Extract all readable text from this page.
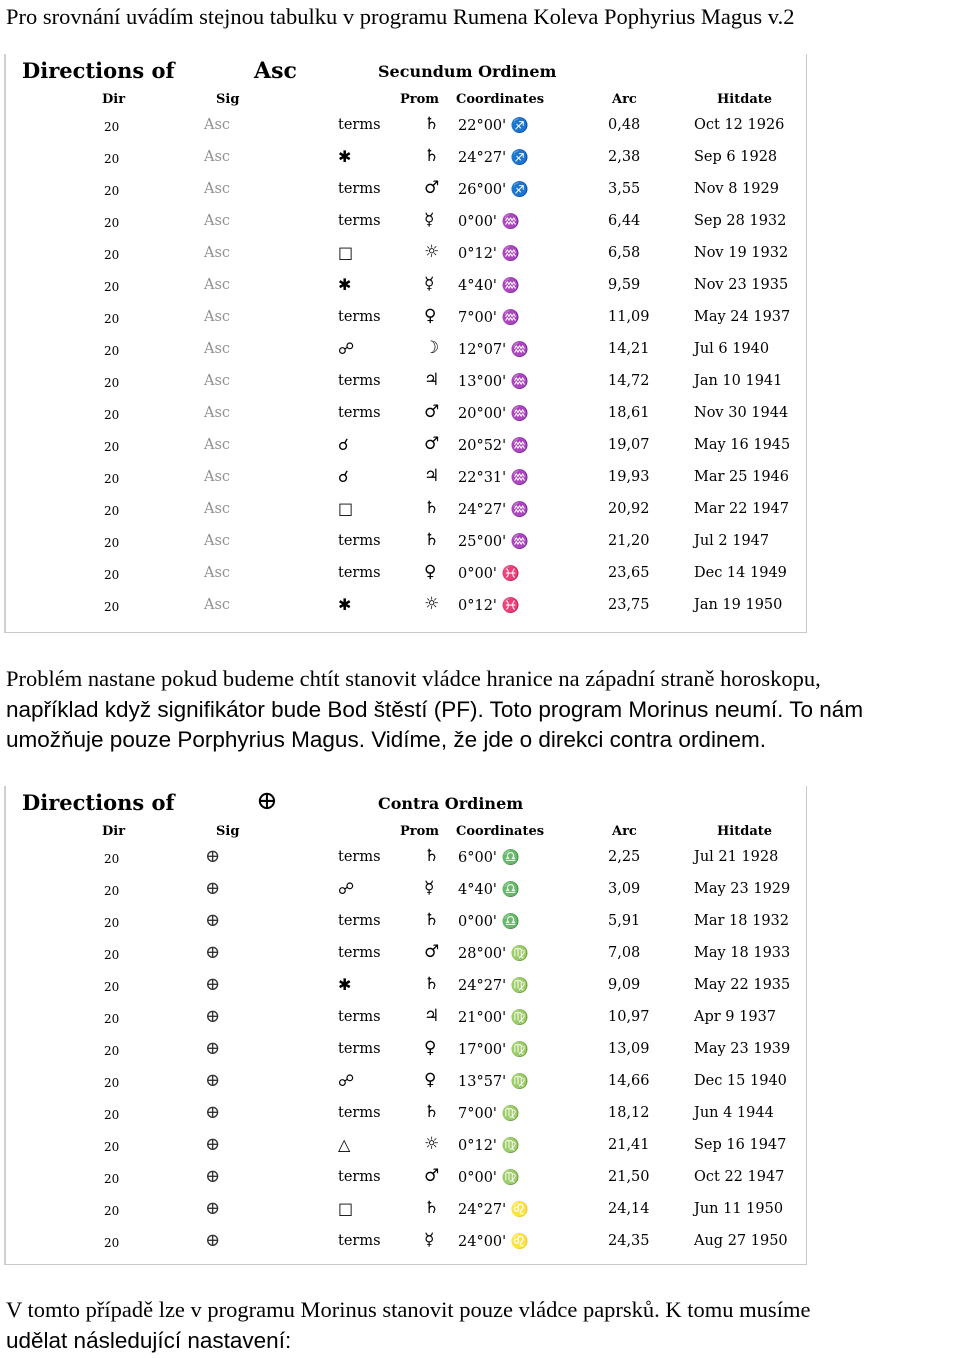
Pro srovnání uvádím stejnou tabulku v programu Rumena Koleva Pophyrius Magus v.2

Directions of	Asc	Secundum Ordinem
Dir	Sig	Prom Coordinates	Arc	Hitdate
20	Asc	terms	♄ 22°00' ♐	0,48	Oct 12 1926
20	Asc	✱	♄ 24°27' ♐	2,38	Sep 6 1928
20	Asc	terms	♂ 26°00' ♐	3,55	Nov 8 1929
20	Asc	terms	☿ 0°00' ♒	6,44	Sep 28 1932
20	Asc	□	☼ 0°12' ♒	6,58	Nov 19 1932
20	Asc	✱	☿ 4°40' ♒	9,59	Nov 23 1935
20	Asc	terms	♀ 7°00' ♒	11,09	May 24 1937
20	Asc	☍	☽ 12°07' ♒	14,21	Jul 6 1940
20	Asc	terms	♃ 13°00' ♒	14,72	Jan 10 1941
20	Asc	terms	♂ 20°00' ♒	18,61	Nov 30 1944
20	Asc	☌	♂ 20°52' ♒	19,07	May 16 1945
20	Asc	☌	♃ 22°31' ♒	19,93	Mar 25 1946
20	Asc	□	♄ 24°27' ♒	20,92	Mar 22 1947
20	Asc	terms	♄ 25°00' ♒	21,20	Jul 2 1947
20	Asc	terms	♀ 0°00' ♓	23,65	Dec 14 1949
20	Asc	✱	☼ 0°12' ♓	23,75	Jan 19 1950

Problém nastane pokud budeme chtít stanovit vládce hranice na západní straně horoskopu,
například když signifikátor bude Bod štěstí (PF). Toto program Morinus neumí. To nám umožňuje pouze Porphyrius Magus. Vidíme, že jde o direkci contra ordinem.

Directions of	⊕	Contra Ordinem
Dir	Sig	Prom Coordinates	Arc	Hitdate
20	⊕	terms	♄ 6°00' ♎	2,25	Jul 21 1928
20	⊕	☍	☿ 4°40' ♎	3,09	May 23 1929
20	⊕	terms	♄ 0°00' ♎	5,91	Mar 18 1932
20	⊕	terms	♂ 28°00' ♍	7,08	May 18 1933
20	⊕	✱	♄ 24°27' ♍	9,09	May 22 1935
20	⊕	terms	♃ 21°00' ♍	10,97	Apr 9 1937
20	⊕	terms	♀ 17°00' ♍	13,09	May 23 1939
20	⊕	☍	♀ 13°57' ♍	14,66	Dec 15 1940
20	⊕	terms	♄ 7°00' ♍	18,12	Jun 4 1944
20	⊕	△	☼ 0°12' ♍	21,41	Sep 16 1947
20	⊕	terms	♂ 0°00' ♍	21,50	Oct 22 1947
20	⊕	□	♄ 24°27' ♌	24,14	Jun 11 1950
20	⊕	terms	☿ 24°00' ♌	24,35	Aug 27 1950

V tomto případě lze v programu Morinus stanovit pouze vládce paprsků. K tomu musíme
udělat následující nastavení:
